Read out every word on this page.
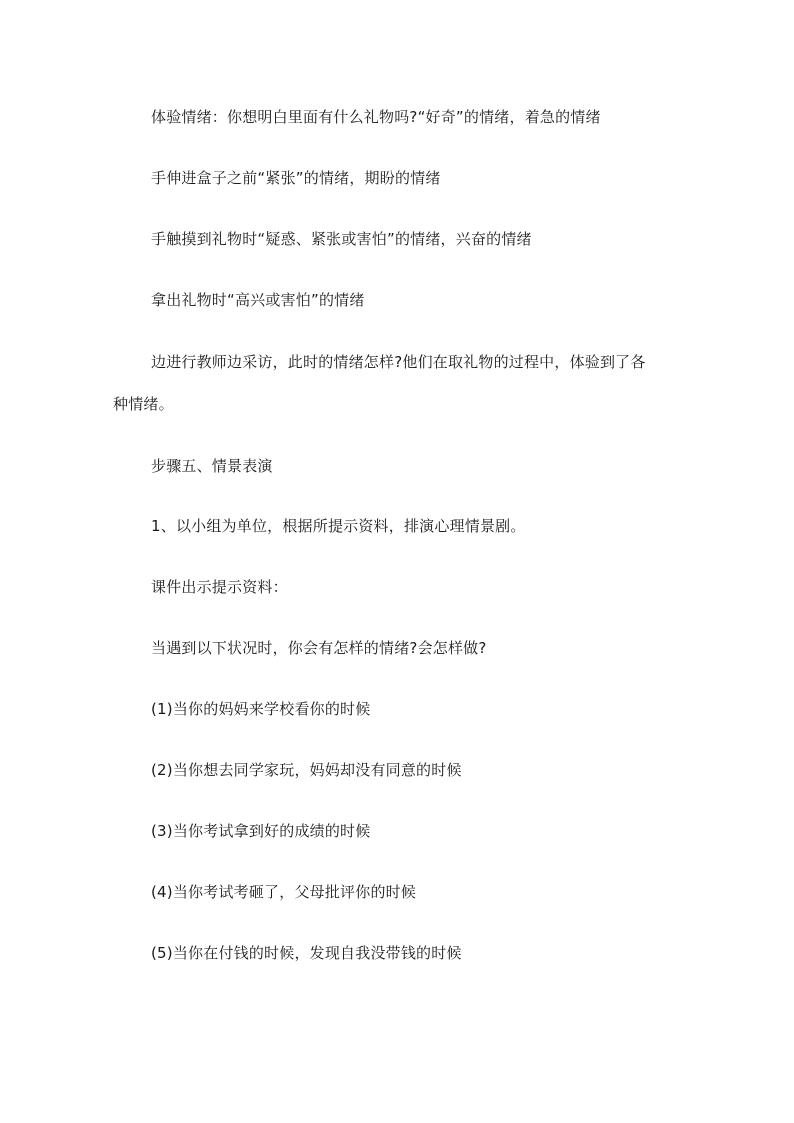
体验情绪：你想明白里面有什么礼物吗?“好奇”的情绪，着急的情绪
手伸进盒子之前“紧张”的情绪，期盼的情绪
手触摸到礼物时“疑惑、紧张或害怕”的情绪，兴奋的情绪
拿出礼物时“高兴或害怕”的情绪
边进行教师边采访，此时的情绪怎样?他们在取礼物的过程中，体验到了各
种情绪。
步骤五、情景表演
1、以小组为单位，根据所提示资料，排演心理情景剧。
课件出示提示资料：
当遇到以下状况时，你会有怎样的情绪?会怎样做?
(1)当你的妈妈来学校看你的时候
(2)当你想去同学家玩，妈妈却没有同意的时候
(3)当你考试拿到好的成绩的时候
(4)当你考试考砸了，父母批评你的时候
(5)当你在付钱的时候，发现自我没带钱的时候
